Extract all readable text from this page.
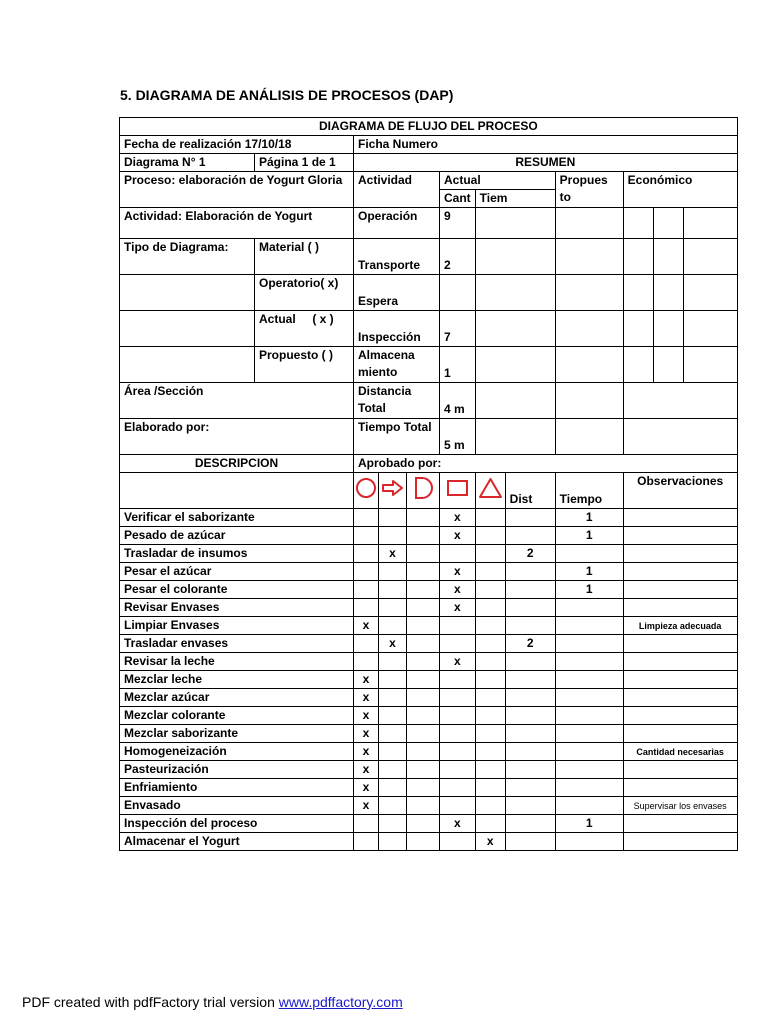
5. DIAGRAMA DE ANÁLISIS DE PROCESOS (DAP)
DIAGRAMA DE FLUJO DEL PROCESO											
Fecha de realización 17/10/18		Ficha Numero									
Diagrama N° 1	Página 1 de 1	RESUMEN									
Proceso: elaboración de Yogurt Gloria		Actividad			Actual			Propues to	Económico		
					Cant	Tiem					
Actividad: Elaboración de Yogurt		Operación			9						
Tipo de Diagrama:	Material ( )	Transporte			2						
	Operatorio( x)	Espera									
	Actual     ( x )	Inspección			7						
	Propuesto ( )	Almacena miento			1						
Área /Sección		Distancia Total			4 m						
Elaborado por:		Tiempo Total			5 m						
DESCRIPCION		Aprobado por:									
						Dist	Tiempo	Observaciones		
Verificar el saborizante					x			1			
Pesado de azúcar					x			1			
Trasladar de insumos			x				2				
Pesar el azúcar					x			1			
Pesar el colorante					x			1			
Revisar Envases					x						
Limpiar Envases		x							Limpieza adecuada		
Trasladar envases			x				2				
Revisar la leche					x						
Mezclar leche		x									
Mezclar azúcar		x									
Mezclar colorante		x									
Mezclar saborizante		x									
Homogeneización		x							Cantidad necesarias		
Pasteurización		x									
Enfriamiento		x									
Envasado		x							Supervisar los envases		
Inspección del proceso					x			1			
Almacenar el Yogurt						x					
PDF created with pdfFactory trial version www.pdffactory.com
